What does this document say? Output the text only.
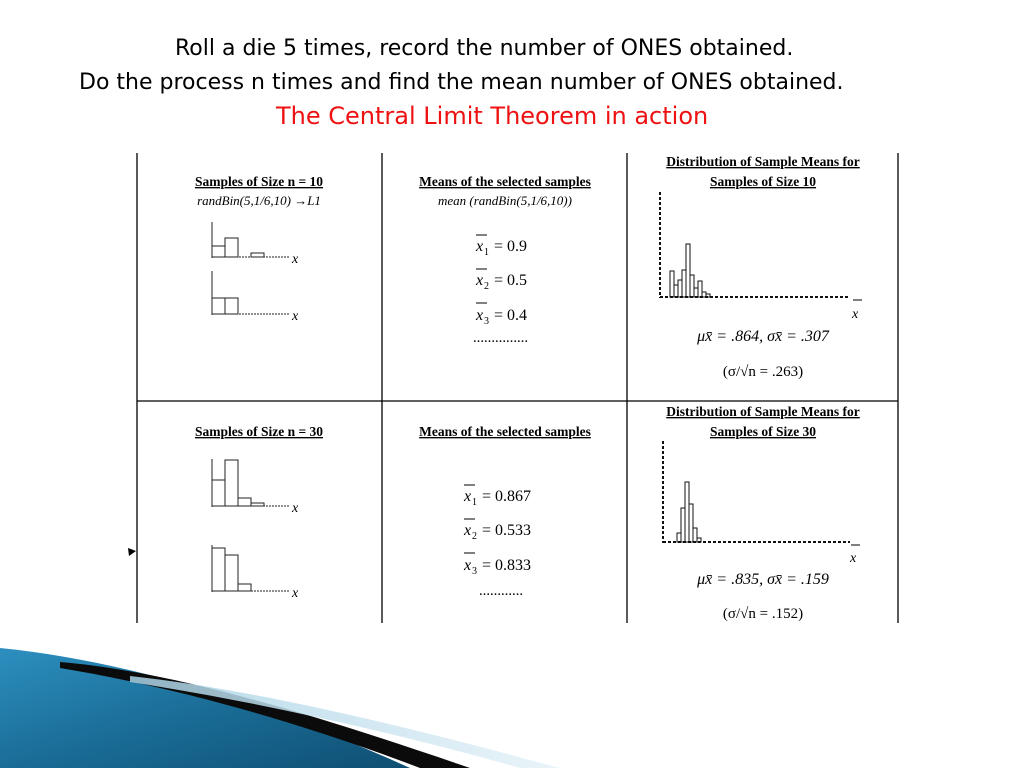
Roll a die 5 times, record the number of ONES obtained.
Do the process n times and find the mean number of ONES obtained.
The Central Limit Theorem in action
Samples of Size n = 10
randBin(5,1/6,10) →L1
x
x
Means of the selected samples
mean (randBin(5,1/6,10))
x 1 = 0.9
x 2 = 0.5
x 3 = 0.4
……………
Distribution of Sample Means for
Samples of Size 10
x
μx̄ = .864, σx̄ = .307
(σ/√n = .263)
Samples of Size n = 30
x
x
Means of the selected samples
x 1 = 0.867
x 2 = 0.533
x 3 = 0.833
…………
Distribution of Sample Means for
Samples of Size 30
x
μx̄ = .835, σx̄ = .159
(σ/√n = .152)
